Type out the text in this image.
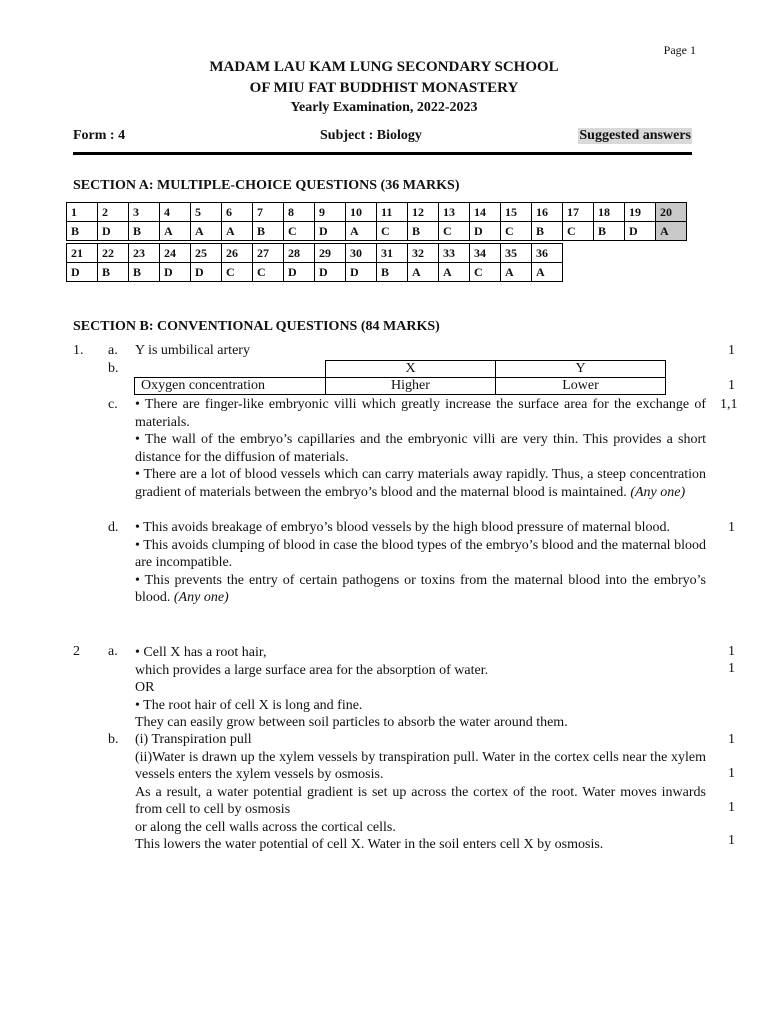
Page 1
MADAM LAU KAM LUNG SECONDARY SCHOOL
OF MIU FAT BUDDHIST MONASTERY
Yearly Examination, 2022-2023
Form : 4	Subject : Biology	Suggested answers
SECTION A: MULTIPLE-CHOICE QUESTIONS (36 MARKS)
1	2	3	4	5	6	7	8	9	10	11	12	13	14	15	16	17	18	19	20
B	D	B	A	A	A	B	C	D	A	C	B	C	D	C	B	C	B	D	A
21	22	23	24	25	26	27	28	29	30	31	32	33	34	35	36
D	B	B	D	D	C	C	D	D	D	B	A	A	C	A	A
SECTION B: CONVENTIONAL QUESTIONS (84 MARKS)
1. a. Y is umbilical artery	1
b.
		X	Y
Oxygen concentration	Higher	Lower	1
c. • There are finger-like embryonic villi which greatly increase the surface area for the exchange of materials.
• The wall of the embryo’s capillaries and the embryonic villi are very thin. This provides a short distance for the diffusion of materials.
• There are a lot of blood vessels which can carry materials away rapidly. Thus, a steep concentration gradient of materials between the embryo’s blood and the maternal blood is maintained. (Any one)
1,1
d. • This avoids breakage of embryo’s blood vessels by the high blood pressure of maternal blood.
• This avoids clumping of blood in case the blood types of the embryo’s blood and the maternal blood are incompatible.
• This prevents the entry of certain pathogens or toxins from the maternal blood into the embryo’s blood. (Any one)
1
2 a. • Cell X has a root hair,
which provides a large surface area for the absorption of water.
OR
• The root hair of cell X is long and fine.
They can easily grow between soil particles to absorb the water around them.
1
1
b. (i) Transpiration pull
(ii)Water is drawn up the xylem vessels by transpiration pull. Water in the cortex cells near the xylem vessels enters the xylem vessels by osmosis.
As a result, a water potential gradient is set up across the cortex of the root. Water moves inwards from cell to cell by osmosis
or along the cell walls across the cortical cells.
This lowers the water potential of cell X. Water in the soil enters cell X by osmosis.
1
1
1
1
